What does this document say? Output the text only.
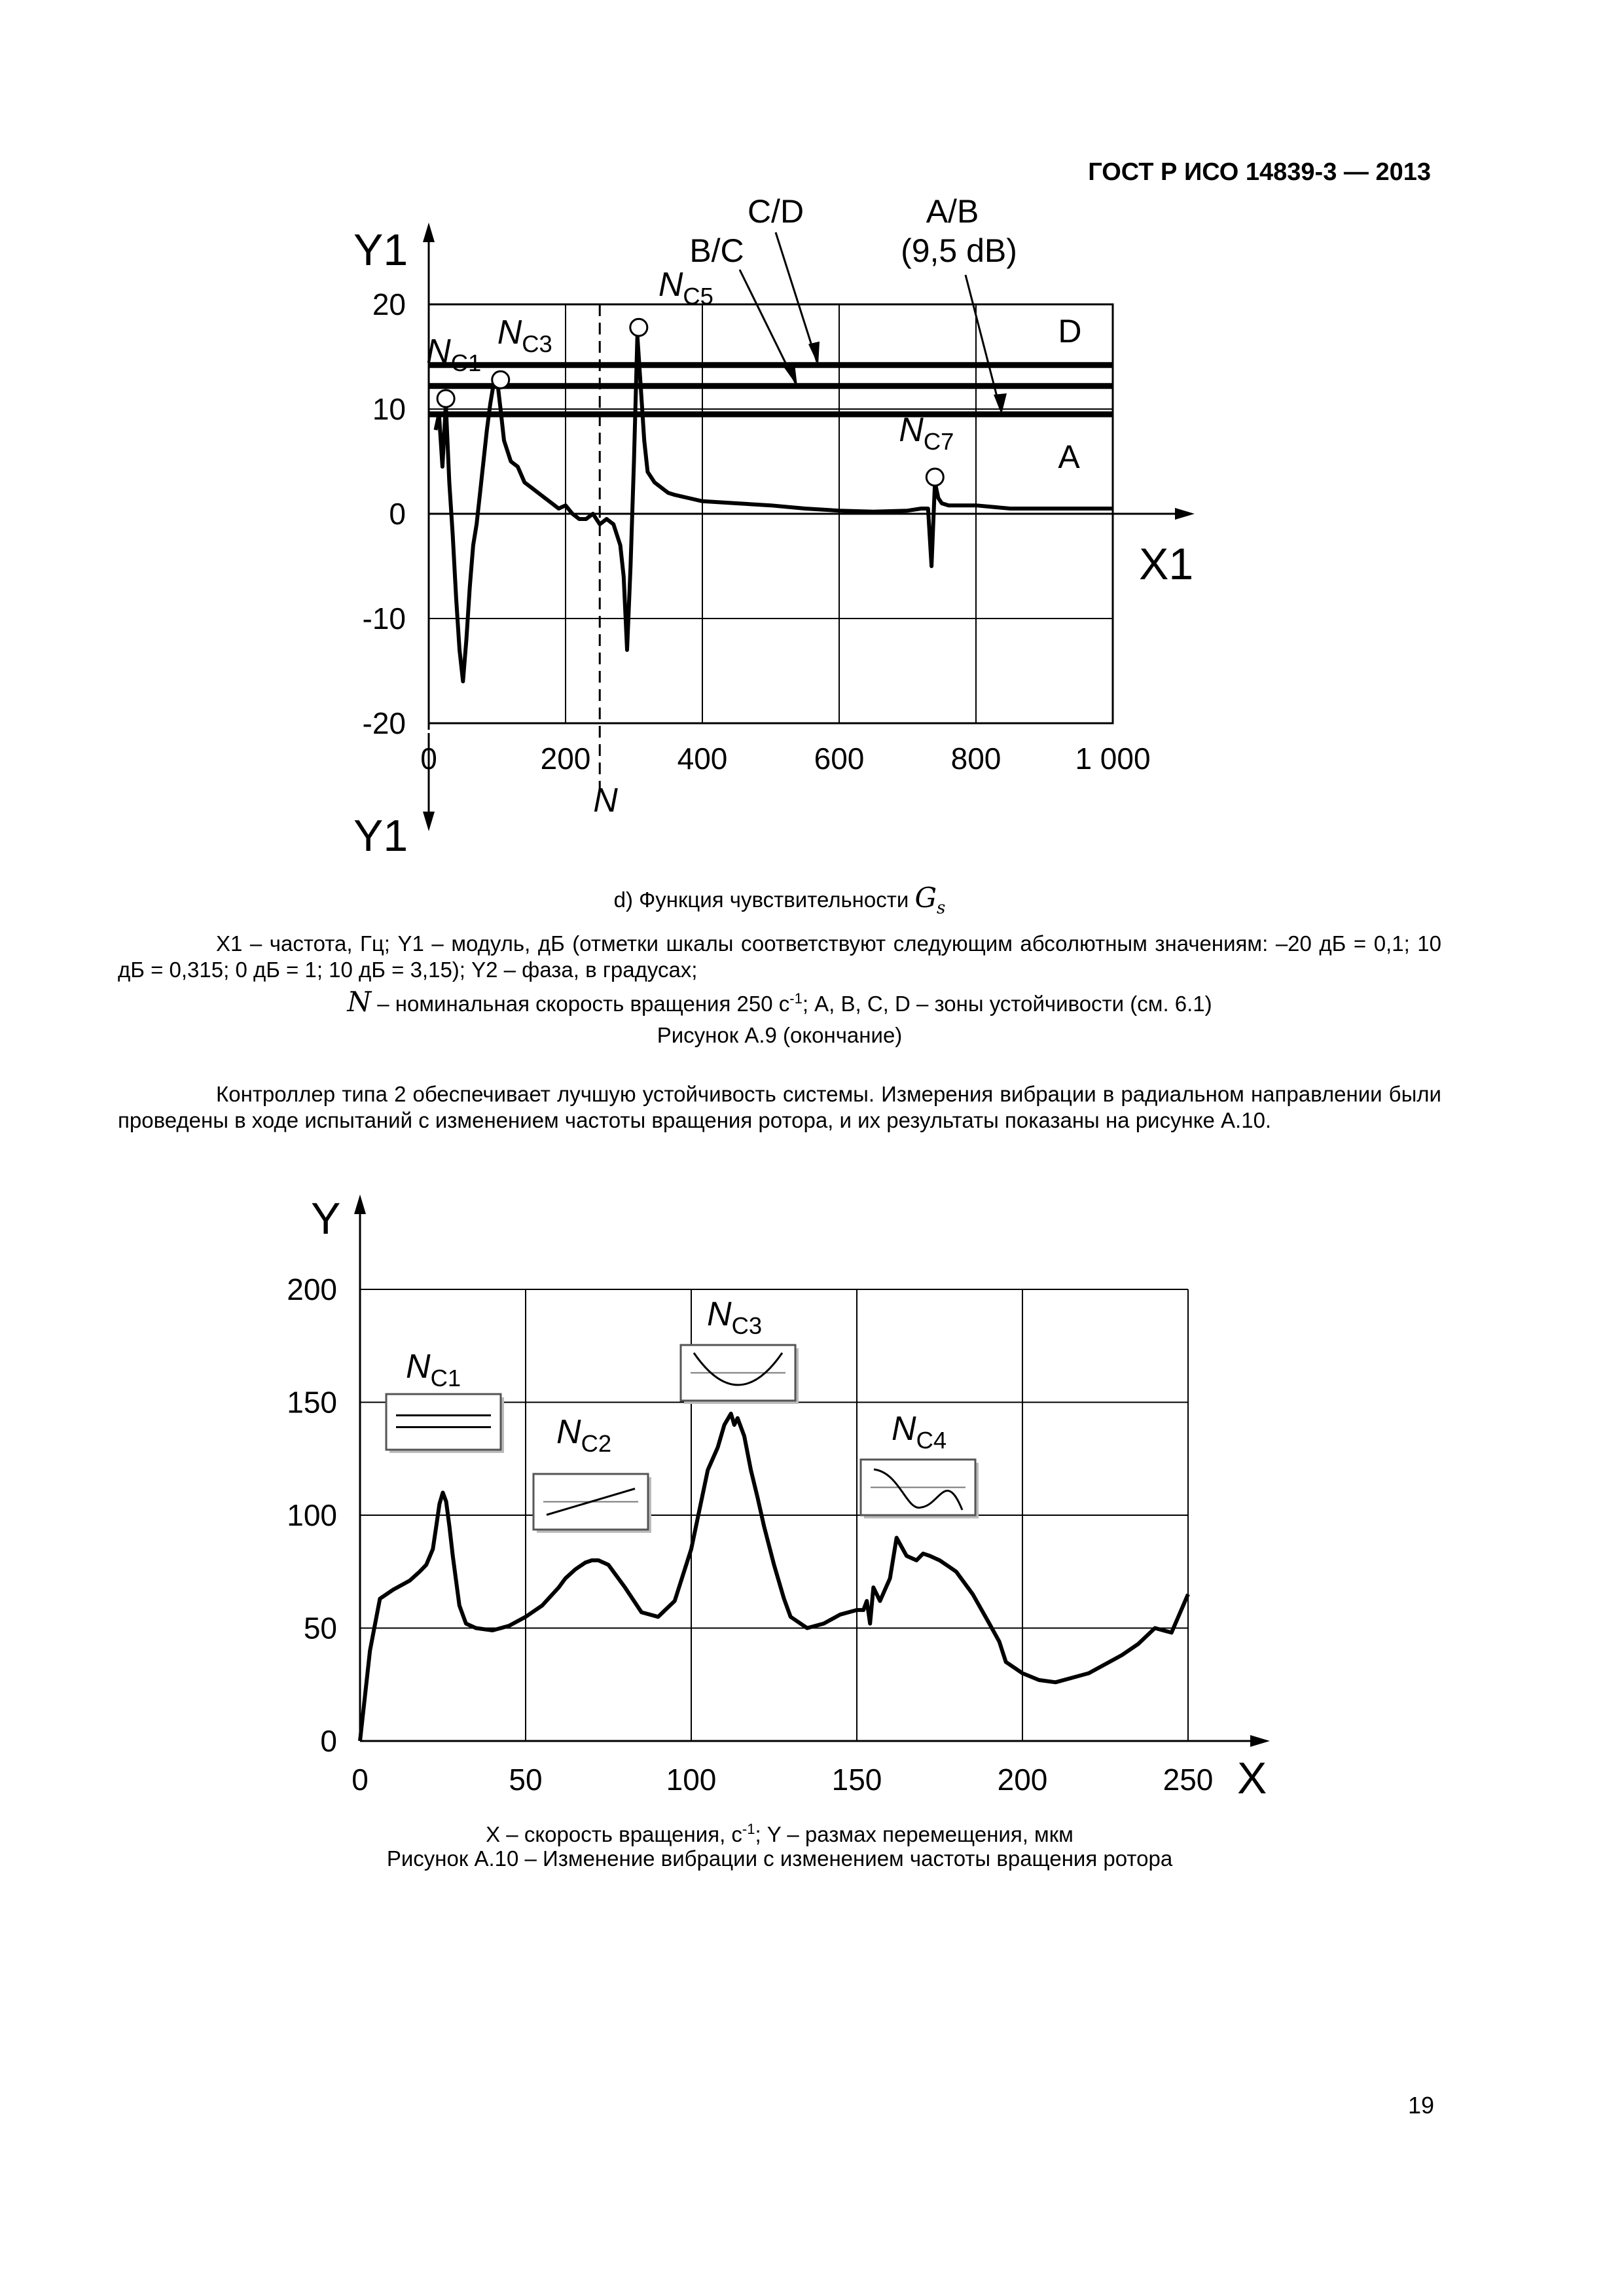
ГОСТ Р ИСО 14839-3 — 2013
Y1
Y1
X1
20
10
0
-10
-20
0	200	400	600	800 1 000
N
A/B
(9,5 dB)
B/C
C/D
D
A
$N_{C1}$
$N_{C3}$
$N_{C5}$
$N_{C7}$
d) Функция чувствительности $G_s$
X1 – частота, Гц; Y1 – модуль, дБ (отметки шкалы соответствуют следующим абсолютным значениям: –20 дБ = 0,1; 10 дБ = 0,315; 0 дБ = 1; 10 дБ = 3,15); Y2 – фаза, в градусах;
N – номинальная скорость вращения 250 $с^{-1}$; A, B, C, D – зоны устойчивости (см. 6.1)
Рисунок А.9 (окончание)
Контроллер типа 2 обеспечивает лучшую устойчивость системы. Измерения вибрации в радиальном направлении были проведены в ходе испытаний с изменением частоты вращения ротора, и их результаты показаны на рисунке А.10.
Y
X
0
50
100
150
200
0	50	100	150	200	250
$N_{C1}$
$N_{C2}$
$N_{C3}$
$N_{C4}$
X – скорость вращения, $с^{-1}$; Y – размах перемещения, мкм
Рисунок А.10 – Изменение вибрации с изменением частоты вращения ротора
19
